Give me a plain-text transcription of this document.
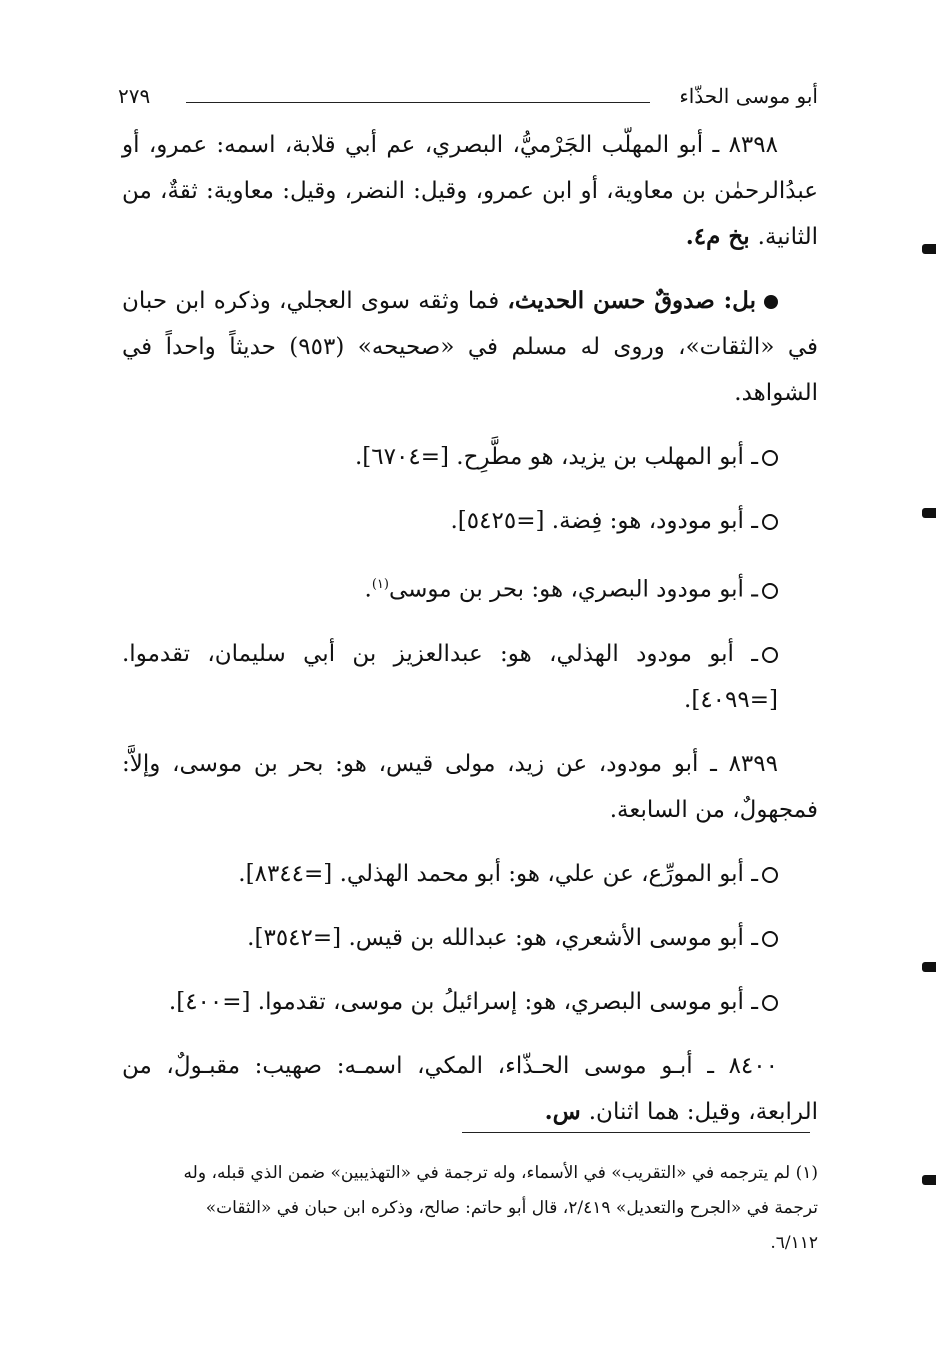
أبو موسى الحذّاء
٢٧٩

٨٣٩٨ ـ أبو المهلّب الجَرْميُّ، البصري، عم أبي قلابة، اسمه: عمرو، أو عبدُالرحمٰن بن معاوية، أو ابن عمرو، وقيل: النضر، وقيل: معاوية: ثقةٌ، من الثانية. بخ م٤.

بل: صدوقٌ حسن الحديث، فما وثقه سوى العجلي، وذكره ابن حبان في «الثقات»، وروى له مسلم في «صحيحه» (٩٥٣) حديثاً واحداً في الشواهد.

ـ أبو المهلب بن يزيد، هو مطَّرِح. [=٦٧٠٤].

ـ أبو مودود، هو: فِضة. [=٥٤٢٥].

ـ أبو مودود البصري، هو: بحر بن موسى$^{(١)}$.

ـ أبو مودود الهذلي، هو: عبدالعزيز بن أبي سليمان، تقدموا. [=٤٠٩٩].

٨٣٩٩ ـ أبو مودود، عن زيد، مولى قيس، هو: بحر بن موسى، وإلاَّ: فمجهولٌ، من السابعة.

ـ أبو المورِّع، عن علي، هو: أبو محمد الهذلي. [=٨٣٤٤].

ـ أبو موسى الأشعري، هو: عبدالله بن قيس. [=٣٥٤٢].

ـ أبو موسى البصري، هو: إسرائيلُ بن موسى، تقدموا. [=٤٠٠].

٨٤٠٠ ـ أبـو موسى الحـذّاء، المكي، اسمـه: صهيب: مقبـولٌ، من الرابعة، وقيل: هما اثنان. س.

(١) لم يترجمه في «التقريب» في الأسماء، وله ترجمة في «التهذيبين» ضمن الذي قبله، وله

ترجمة في «الجرح والتعديل» ٢/٤١٩، قال أبو حاتم: صالح، وذكره ابن حبان في «الثقات»

٦/١١٢.
